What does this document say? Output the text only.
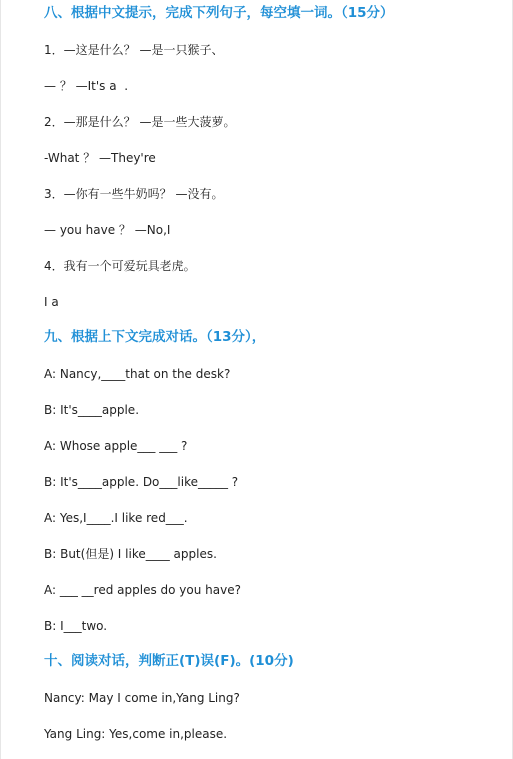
八、根据中文提示，完成下列句子，每空填一词。（15分）
1．—这是什么？ —是一只猴子、
— ？ —It's a  .
2．—那是什么？ —是一些大菠萝。
-What ？ —They're
3．—你有一些牛奶吗？ —没有。
— you have ？ —No,I
4．我有一个可爱玩具老虎。
I a
九、根据上下文完成对话。（13分），
A: Nancy,____that on the desk?
B: It's____apple.
A: Whose apple___ ___ ?
B: It's____apple. Do___like_____ ?
A: Yes,I____.I like red___.
B: But(但是) I like____ apples.
A: ___ __red apples do you have?
B: I___two.
十、阅读对话，判断正(T)误(F)。(10分)
Nancy: May I come in,Yang Ling?
Yang Ling: Yes,come in,please.
